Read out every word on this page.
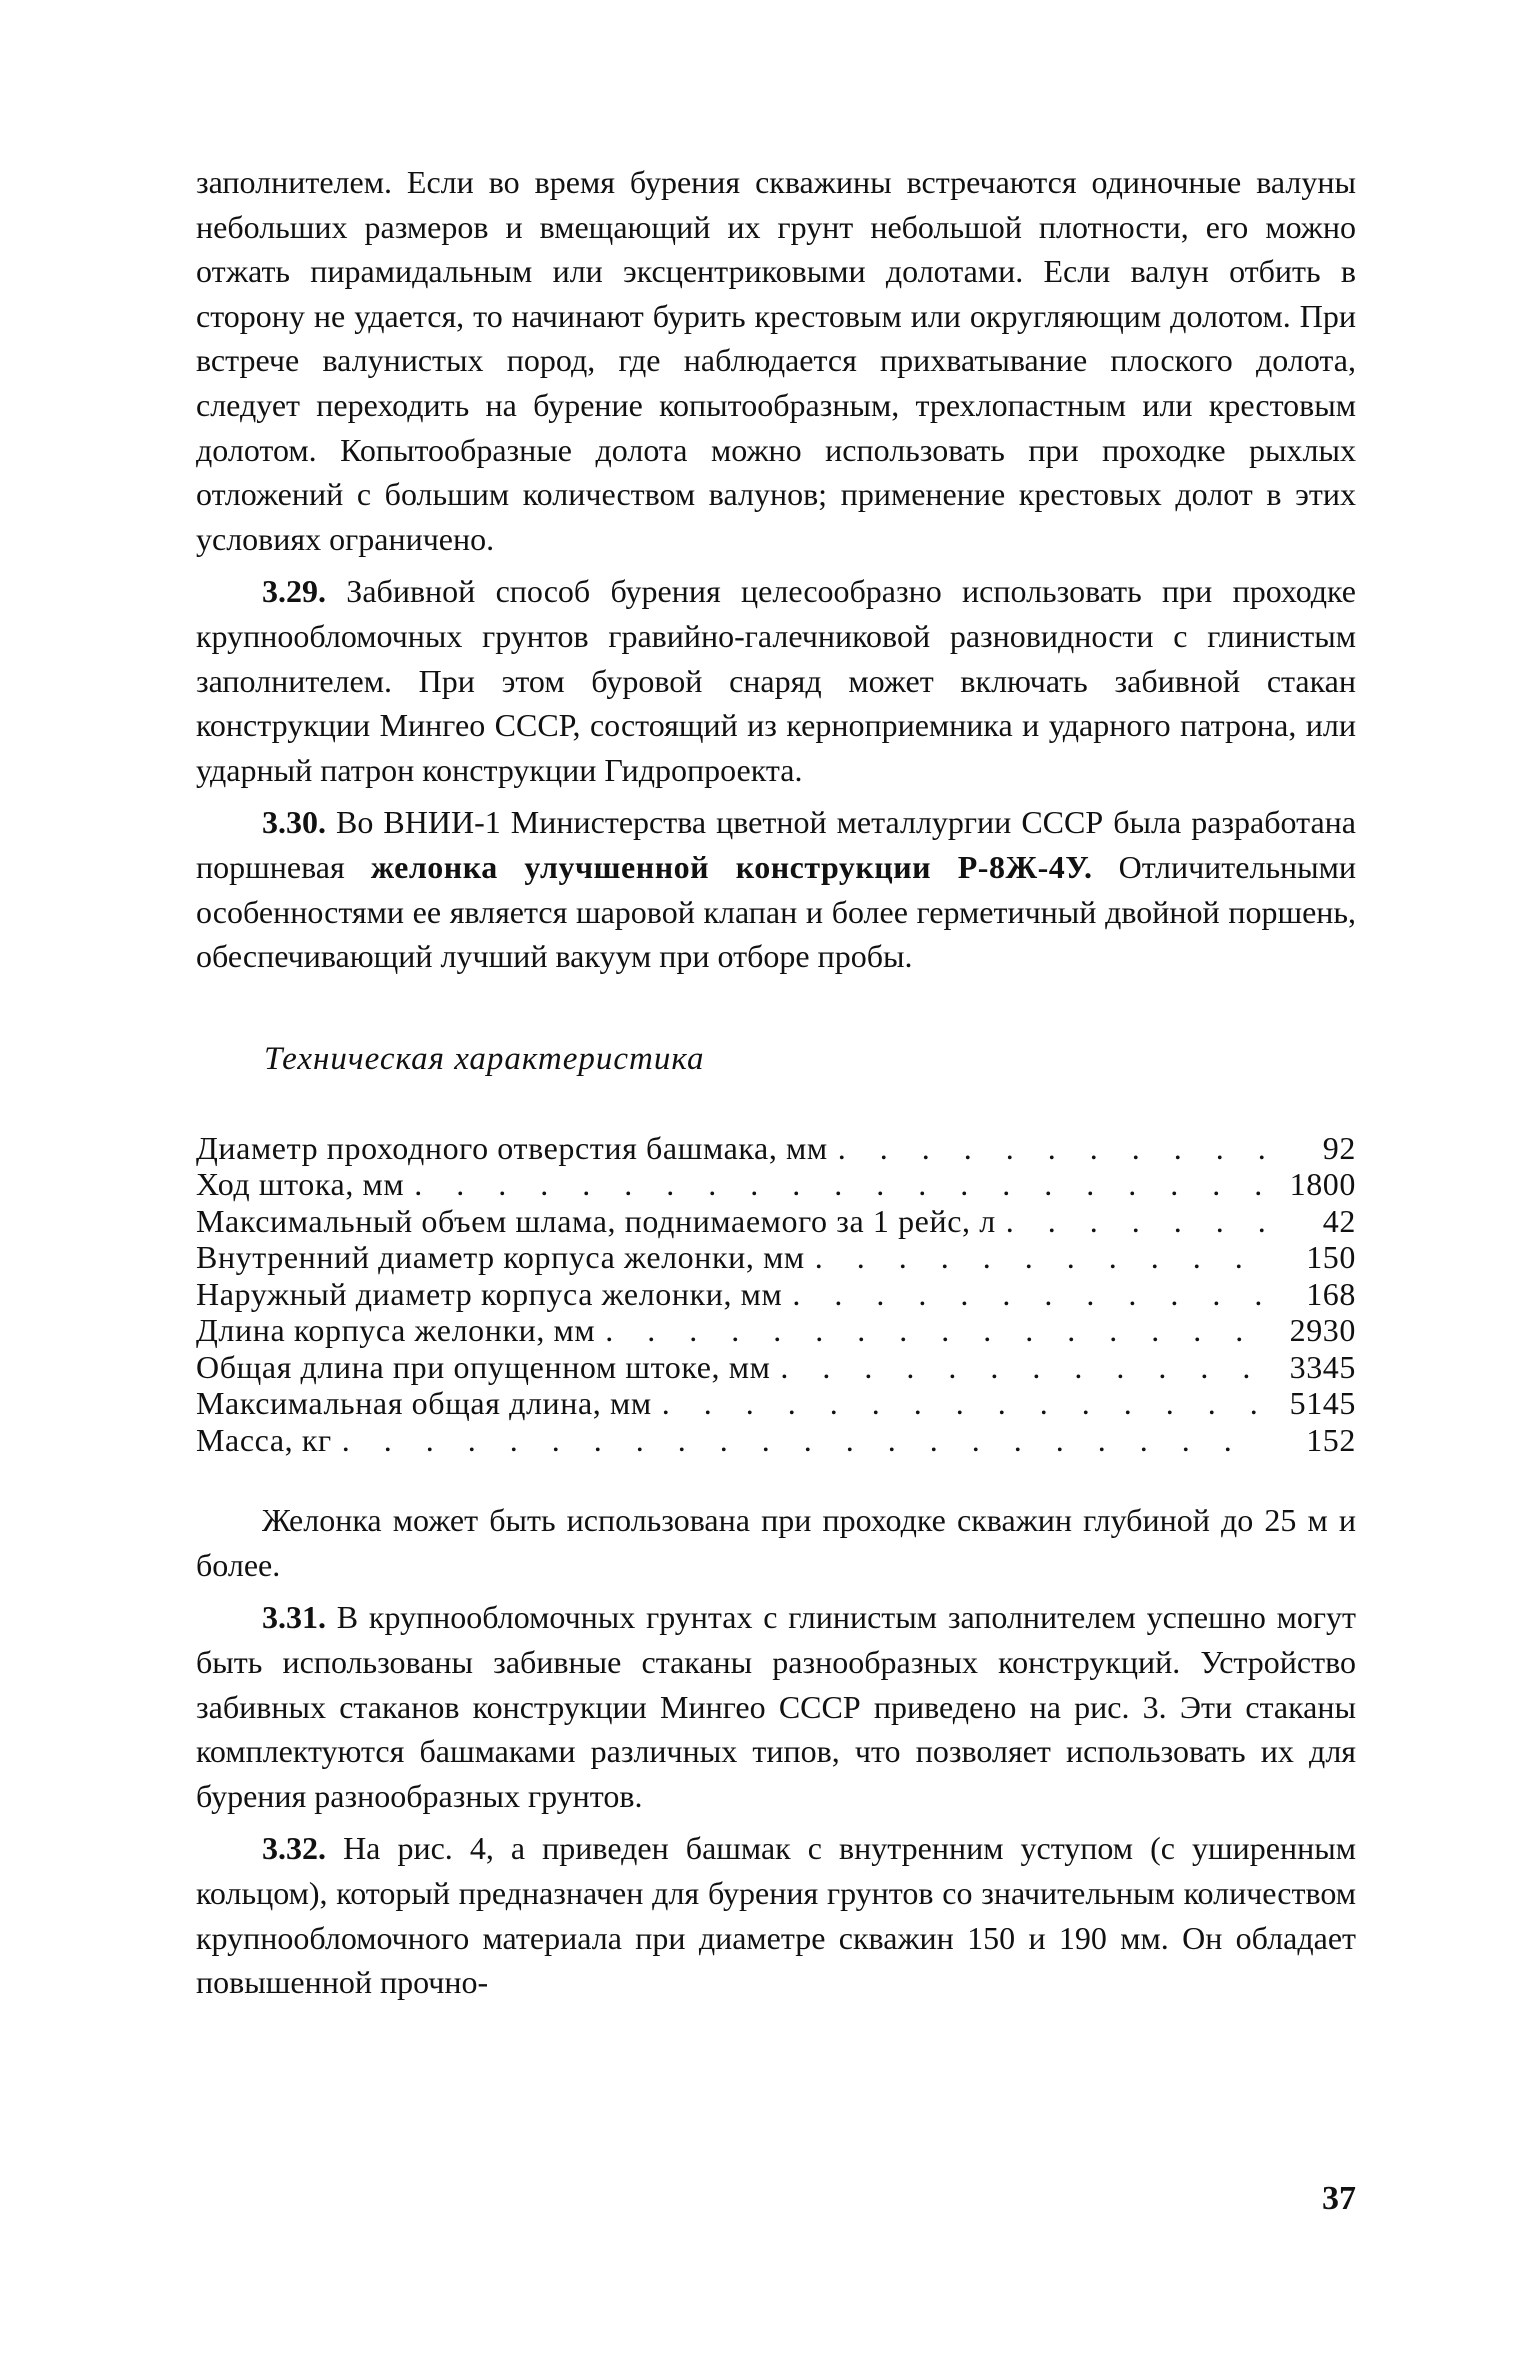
заполнителем. Если во время бурения скважины встречаются одиночные валуны небольших размеров и вмещающий их грунт небольшой плотности, его можно отжать пирамидальным или эксцентриковыми долотами. Если валун отбить в сторону не удается, то начинают бурить крестовым или округляющим долотом. При встрече валунистых пород, где наблюдается прихватывание плоского долота, следует переходить на бурение копытообразным, трехлопастным или крестовым долотом. Копытообразные долота можно использовать при проходке рыхлых отложений с большим количеством валунов; применение крестовых долот в этих условиях ограничено.

3.29. Забивной способ бурения целесообразно использовать при проходке крупнообломочных грунтов гравийно-галечниковой разновидности с глинистым заполнителем. При этом буровой снаряд может включать забивной стакан конструкции Мингео СССР, состоящий из керноприемника и ударного патрона, или ударный патрон конструкции Гидропроекта.

3.30. Во ВНИИ-1 Министерства цветной металлургии СССР была разработана поршневая желонка улучшенной конструкции Р-8Ж-4У. Отличительными особенностями ее является шаровой клапан и более герметичный двойной поршень, обеспечивающий лучший вакуум при отборе пробы.

Техническая характеристика
Диаметр проходного отверстия башмака, мм . . .	92
Ход штока, мм . . .	1800
Максимальный объем шлама, поднимаемого за 1 рейс, л . . .	42
Внутренний диаметр корпуса желонки, мм . . .	150
Наружный диаметр корпуса желонки, мм . . .	168
Длина корпуса желонки, мм . . .	2930
Общая длина при опущенном штоке, мм . . .	3345
Максимальная общая длина, мм . . .	5145
Масса, кг . . .	152

Желонка может быть использована при проходке скважин глубиной до 25 м и более.

3.31. В крупнообломочных грунтах с глинистым заполнителем успешно могут быть использованы забивные стаканы разнообразных конструкций. Устройство забивных стаканов конструкции Мингео СССР приведено на рис. 3. Эти стаканы комплектуются башмаками различных типов, что позволяет использовать их для бурения разнообразных грунтов.

3.32. На рис. 4, а приведен башмак с внутренним уступом (с уширенным кольцом), который предназначен для бурения грунтов со значительным количеством крупнообломочного материала при диаметре скважин 150 и 190 мм. Он обладает повышенной прочно-

37
